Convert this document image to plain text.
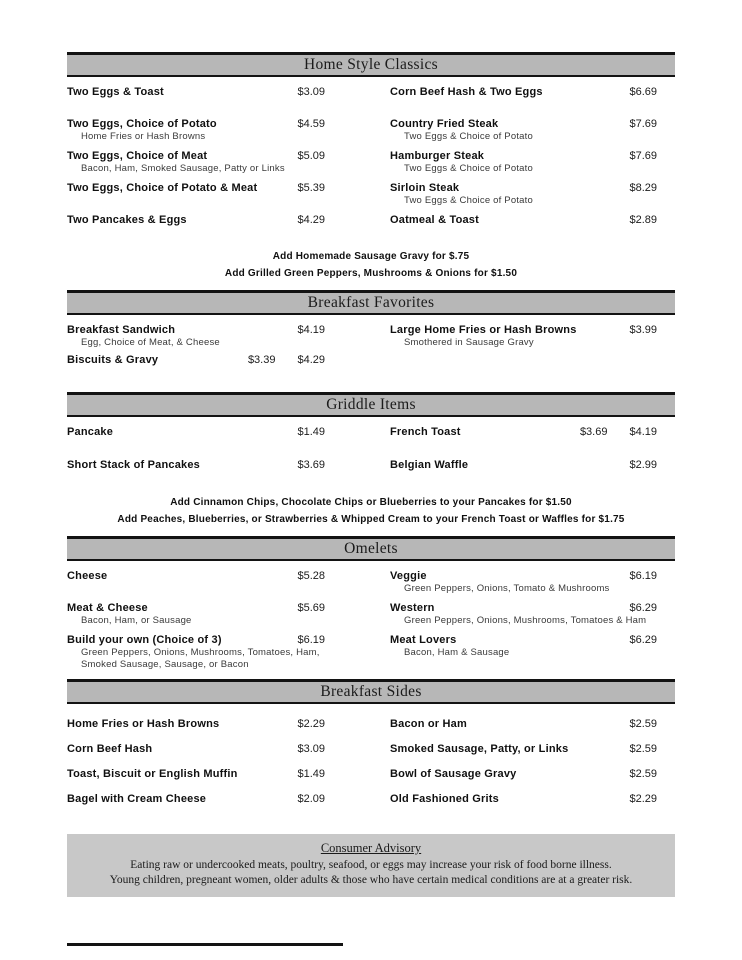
Home Style Classics
Two Eggs & Toast	$3.09
Two Eggs, Choice of Potato	$4.59
Home Fries or Hash Browns
Two Eggs, Choice of Meat	$5.09
Bacon, Ham, Smoked Sausage, Patty or Links
Two Eggs, Choice of Potato & Meat	$5.39
Two Pancakes & Eggs	$4.29
Corn Beef Hash & Two Eggs	$6.69
Country Fried Steak	$7.69
Two Eggs & Choice of Potato
Hamburger Steak	$7.69
Two Eggs & Choice of Potato
Sirloin Steak	$8.29
Two Eggs & Choice of Potato
Oatmeal & Toast	$2.89
Add Homemade Sausage Gravy for $.75
Add Grilled Green Peppers, Mushrooms & Onions for $1.50
Breakfast Favorites
Breakfast Sandwich	$4.19
Egg, Choice of Meat, & Cheese
Biscuits & Gravy	$3.39 $4.29
Large Home Fries or Hash Browns	$3.99
Smothered in Sausage Gravy
Griddle Items
Pancake	$1.49
Short Stack of Pancakes	$3.69
French Toast	$3.69 $4.19
Belgian Waffle	$2.99
Add Cinnamon Chips, Chocolate Chips or Blueberries to your Pancakes for $1.50
Add Peaches, Blueberries, or Strawberries & Whipped Cream to your French Toast or Waffles for $1.75
Omelets
Cheese	$5.28
Meat & Cheese	$5.69
Bacon, Ham, or Sausage
Build your own (Choice of 3)	$6.19
Green Peppers, Onions, Mushrooms, Tomatoes, Ham, Smoked Sausage, Sausage, or Bacon
Veggie	$6.19
Green Peppers, Onions, Tomato & Mushrooms
Western	$6.29
Green Peppers, Onions, Mushrooms, Tomatoes & Ham
Meat Lovers	$6.29
Bacon, Ham & Sausage
Breakfast Sides
Home Fries or Hash Browns	$2.29
Corn Beef Hash	$3.09
Toast, Biscuit or English Muffin	$1.49
Bagel with Cream Cheese	$2.09
Bacon or Ham	$2.59
Smoked Sausage, Patty, or Links	$2.59
Bowl of Sausage Gravy	$2.59
Old Fashioned Grits	$2.29
Consumer Advisory
Eating raw or undercooked meats, poultry, seafood, or eggs may increase your risk of food borne illness.
Young children, pregneant women, older adults & those who have certain medical conditions are at a greater risk.
